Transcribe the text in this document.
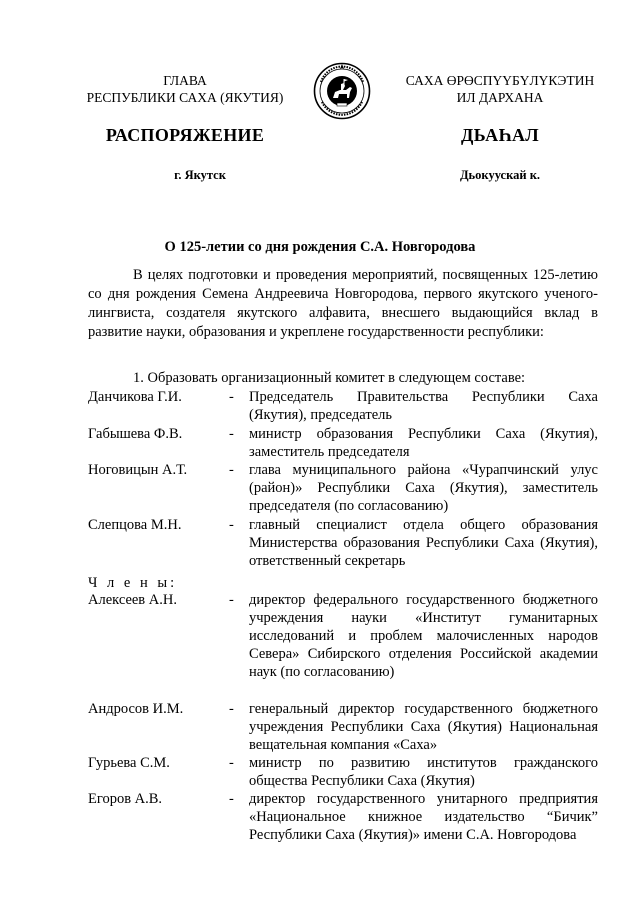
ГЛАВА
РЕСПУБЛИКИ САХА (ЯКУТИЯ)
САХА ӨРӨСПҮҮБҮЛҮКЭТИН
ИЛ ДАРХАНА
РАСПОРЯЖЕНИЕ	ДЬАҺАЛ
г. Якутск	Дьокуускай к.
О 125-летии со дня рождения С.А. Новгородова
В целях подготовки и проведения мероприятий, посвященных 125-летию со дня рождения Семена Андреевича Новгородова, первого якутского ученого-лингвиста, создателя якутского алфавита, внесшего выдающийся вклад в развитие науки, образования и укреплене государственности республики:
1. Образовать организационный комитет в следующем составе:
Данчикова Г.И.	- Председатель Правительства Республики Саха (Якутия), председатель
Габышева Ф.В.	- министр образования Республики Саха (Якутия), заместитель председателя
Ноговицын А.Т.	- глава муниципального района «Чурапчинский улус (район)» Республики Саха (Якутия), заместитель председателя (по согласованию)
Слепцова М.Н.	- главный специалист отдела общего образования Министерства образования Республики Саха (Якутия), ответственный секретарь
Ч л е н ы:
Алексеев А.Н.	- директор федерального государственного бюджетного учреждения науки «Институт гуманитарных исследований и проблем малочисленных народов Севера» Сибирского отделения Российской академии наук (по согласованию)
Андросов И.М.	- генеральный директор государственного бюджетного учреждения Республики Саха (Якутия) Национальная вещательная компания «Саха»
Гурьева С.М.	- министр по развитию институтов гражданского общества Республики Саха (Якутия)
Егоров А.В.	- директор государственного унитарного предприятия «Национальное книжное издательство “Бичик” Республики Саха (Якутия)» имени С.А. Новгородова
